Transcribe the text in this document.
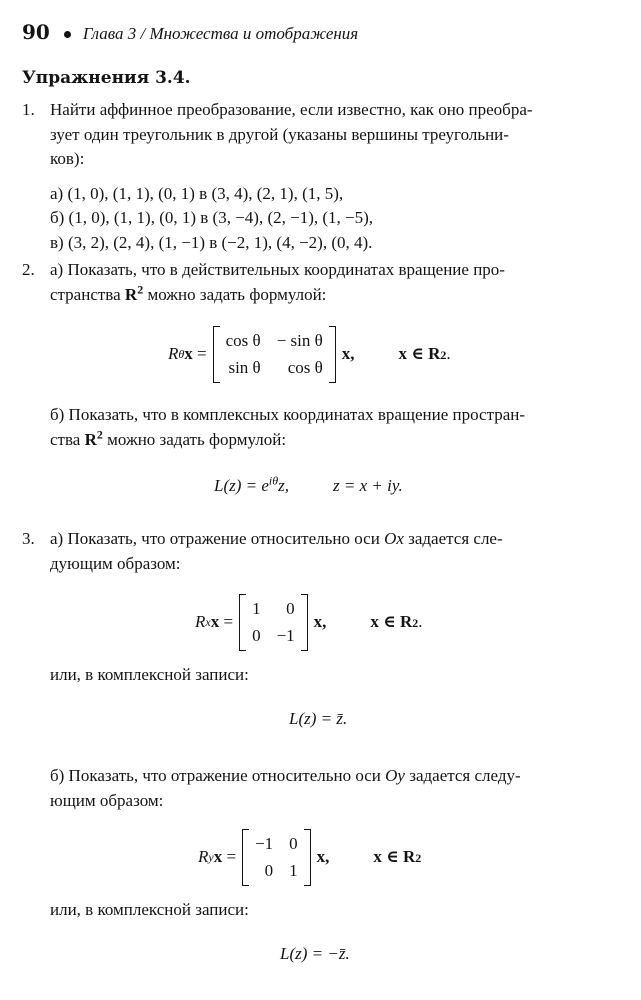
90 Глава 3 / Множества и отображения
Упражнения 3.4.
1. Найти аффинное преобразование, если известно, как оно преобра-
зует один треугольник в другой (указаны вершины треугольни-
ков):
а) (1, 0), (1, 1), (0, 1) в (3, 4), (2, 1), (1, 5),
б) (1, 0), (1, 1), (0, 1) в (3, −4), (2, −1), (1, −5),
в) (3, 2), (2, 4), (1, −1) в (−2, 1), (4, −2), (0, 4).
2. а) Показать, что в действительных координатах вращение про-
странства $R^2$ можно задать формулой:
R θ x
=
cos θ − sin θ
sin θ	cos θ
x,	x ∈ R 2 .
б) Показать, что в комплексных координатах вращение простран-
ства $R^2$ можно задать формулой:
$L(z) = e^{i\theta}z$,	z = x + iy.
3. а) Показать, что отражение относительно оси Ox задается сле-
дующим образом:
R x x
=
1	0
0 −1
x,	x ∈ R 2 .
или, в комплексной записи:
L(z) = z̄.
б) Показать, что отражение относительно оси Oy задается следу-
ющим образом:
R y x
=
−1 0
0 1
x,	x ∈ R 2
или, в комплексной записи:
L(z) = −z̄.
